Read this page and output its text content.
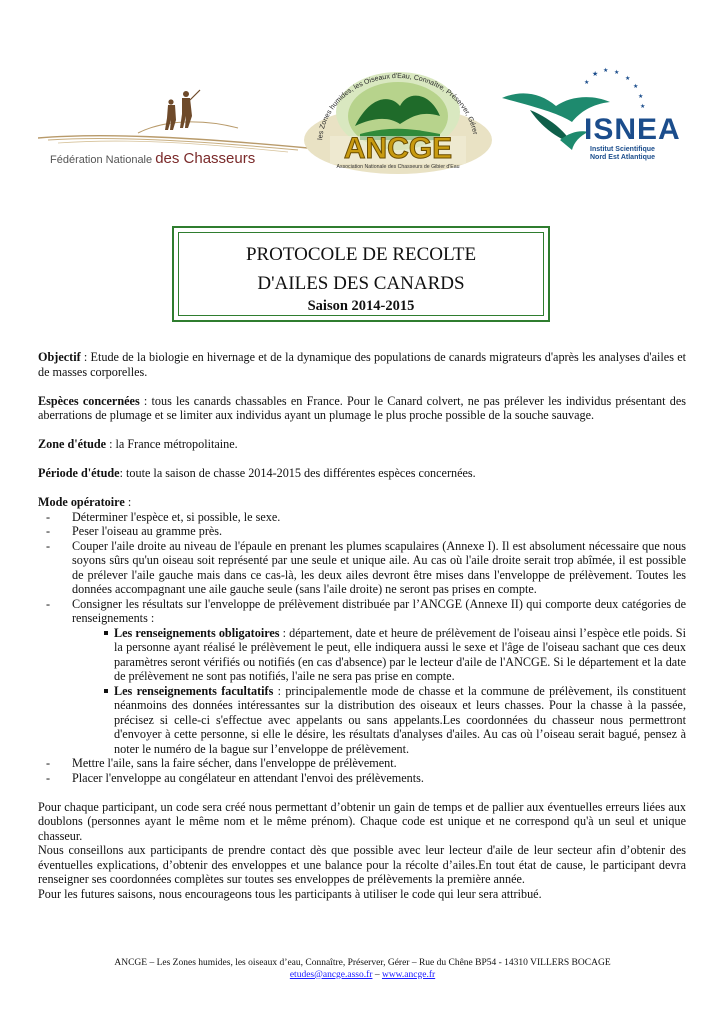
Fédération Nationale des Chasseurs
les Zones humides, les Oiseaux d'Eau, Connaître, Préserver, Gérer
ANCGE
Association Nationale des Chasseurs de Gibier d'Eau
★ ★ ★
★
★
★
★
★
ISNEA
Institut Scientifique
Nord Est Atlantique
PROTOCOLE DE RECOLTE
D'AILES DES CANARDS
Saison 2014-2015

Objectif : Etude de la biologie en hivernage et de la dynamique des populations de canards migrateurs d'après les analyses d'ailes et de masses corporelles.

Espèces concernées : tous les canards chassables en France. Pour le Canard colvert, ne pas prélever les individus présentant des aberrations de plumage et se limiter aux individus ayant un plumage le plus proche possible de la souche sauvage.

Zone d'étude : la France métropolitaine.

Période d'étude: toute la saison de chasse 2014-2015 des différentes espèces concernées.

Mode opératoire :

- Déterminer l'espèce et, si possible, le sexe.

- Peser l'oiseau au gramme près.

- Couper l'aile droite au niveau de l'épaule en prenant les plumes scapulaires (Annexe I). Il est absolument nécessaire que nous soyons sûrs qu'un oiseau soit représenté par une seule et unique aile. Au cas où l'aile droite serait trop abîmée, il est possible de prélever l'aile gauche mais dans ce cas-là, les deux ailes devront être mises dans l'enveloppe de prélèvement. Toutes les données accompagnant une aile gauche seule (sans l'aile droite) ne seront pas prises en compte.

- Consigner les résultats sur l'enveloppe de prélèvement distribuée par l’ANCGE (Annexe II) qui comporte deux catégories de renseignements :

Les renseignements obligatoires : département, date et heure de prélèvement de l'oiseau ainsi l’espèce etle poids. Si la personne ayant réalisé le prélèvement le peut, elle indiquera aussi le sexe et l'âge de l'oiseau sachant que ces deux paramètres seront vérifiés ou notifiés (en cas d'absence) par le lecteur d'aile de l'ANCGE. Si le département et la date de prélèvement ne sont pas notifiés, l'aile ne sera pas prise en compte.

Les renseignements facultatifs : principalementle mode de chasse et la commune de prélèvement, ils constituent néanmoins des données intéressantes sur la distribution des oiseaux et leurs chasses. Pour la chasse à la passée, précisez si celle-ci s'effectue avec appelants ou sans appelants.Les coordonnées du chasseur nous permettront d'envoyer à cette personne, si elle le désire, les résultats d'analyses d'ailes. Au cas où l’oiseau serait bagué, pensez à noter le numéro de la bague sur l’enveloppe de prélèvement.

- Mettre l'aile, sans la faire sécher, dans l'enveloppe de prélèvement.

- Placer l'enveloppe au congélateur en attendant l'envoi des prélèvements.

Pour chaque participant, un code sera créé nous permettant d’obtenir un gain de temps et de pallier aux éventuelles erreurs liées aux doublons (personnes ayant le même nom et le même prénom). Chaque code est unique et ne correspond qu'à un seul et unique chasseur.

Nous conseillons aux participants de prendre contact dès que possible avec leur lecteur d'aile de leur secteur afin d’obtenir des éventuelles explications, d’obtenir des enveloppes et une balance pour la récolte d’ailes.En tout état de cause, le participant devra renseigner ses coordonnées complètes sur toutes ses enveloppes de prélèvements la première année.

Pour les futures saisons, nous encourageons tous les participants à utiliser le code qui leur sera attribué.

ANCGE – Les Zones humides, les oiseaux d’eau, Connaître, Préserver, Gérer – Rue du Chêne BP54 - 14310 VILLERS BOCAGE
etudes@ancge.asso.fr – www.ancge.fr
